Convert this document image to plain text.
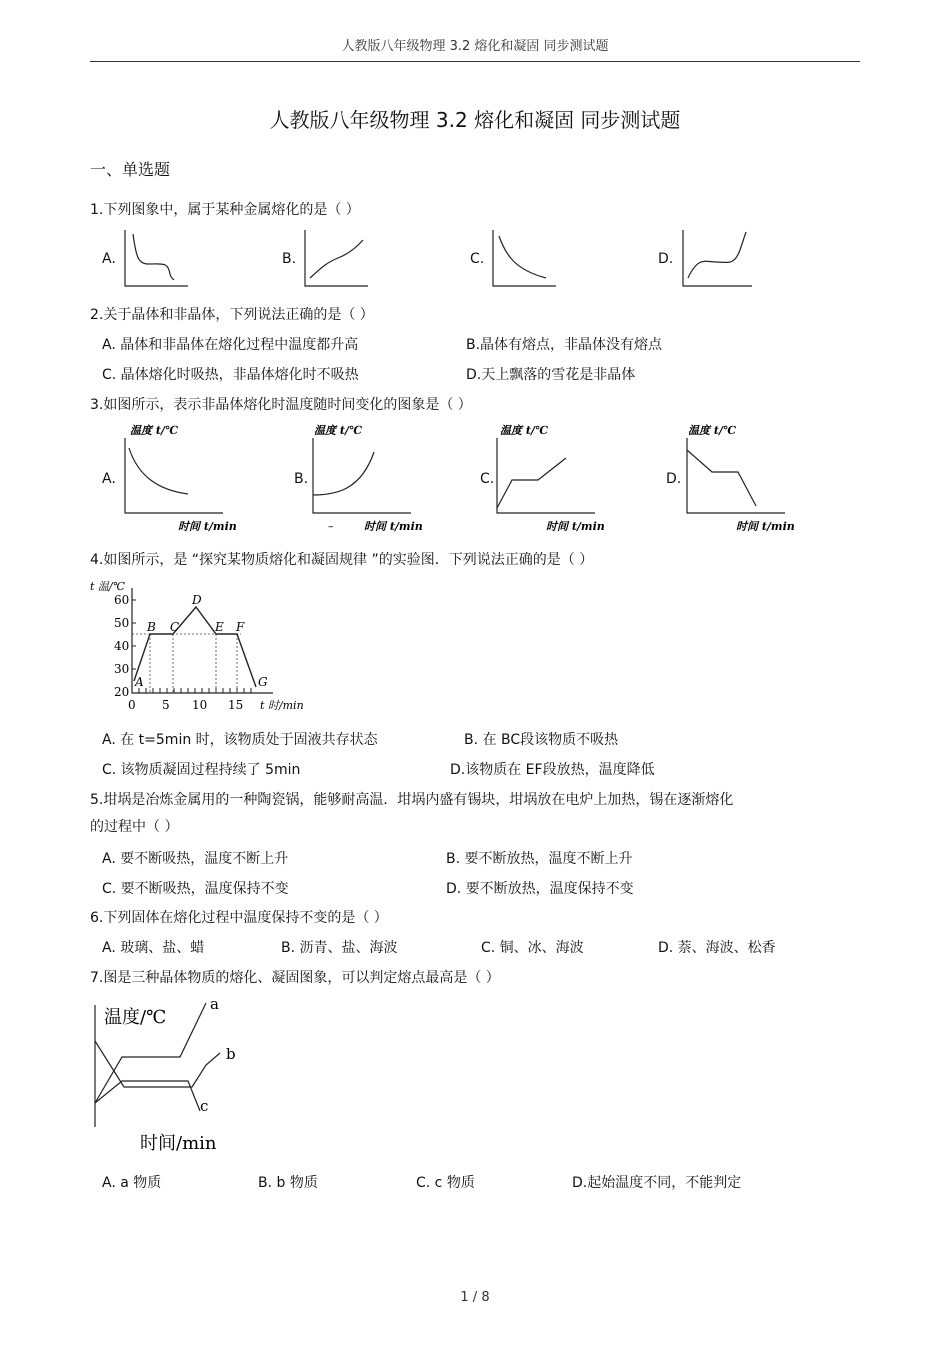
人教版八年级物理 3.2 熔化和凝固 同步测试题
人教版八年级物理 3.2 熔化和凝固 同步测试题
一、单选题
1.下列图象中，属于某种金属熔化的是（ ）
A.	B.	C.	D.
2.关于晶体和非晶体，下列说法正确的是（ ）
A. 晶体和非晶体在熔化过程中温度都升高	B.晶体有熔点，非晶体没有熔点
C. 晶体熔化时吸热，非晶体熔化时不吸热	D.天上飘落的雪花是非晶体
3.如图所示，表示非晶体熔化时温度随时间变化的图象是（ ）
A.
温度 t/℃
时间 t/min
B.
温度 t/℃
–	时间 t/min
C.
温度 t/℃
时间 t/min
D.
温度 t/℃
时间 t/min
4.如图所示，是 “探究某物质熔化和凝固规律 ”的实验图．下列说法正确的是（ ）
t 温/℃
60
50
40
30
20
A
B C
D
E F
G
0 5 10 15 t 时/min
A. 在 t=5min 时，该物质处于固液共存状态	B. 在 BC段该物质不吸热
C. 该物质凝固过程持续了 5min	D.该物质在 EF段放热，温度降低
5.坩埚是冶炼金属用的一种陶瓷锅，能够耐高温．坩埚内盛有锡块，坩埚放在电炉上加热，锡在逐渐熔化
的过程中（ ）
A. 要不断吸热，温度不断上升	B. 要不断放热，温度不断上升
C. 要不断吸热，温度保持不变	D. 要不断放热，温度保持不变
6.下列固体在熔化过程中温度保持不变的是（ ）
A. 玻璃、盐、蜡	B. 沥青、盐、海波	C. 铜、冰、海波	D. 萘、海波、松香
7.图是三种晶体物质的熔化、凝固图象，可以判定熔点最高是（ ）
温度/℃
a
b
c
时间/min
A. a 物质	B. b 物质	C. c 物质	D.起始温度不同，不能判定
1 / 8
